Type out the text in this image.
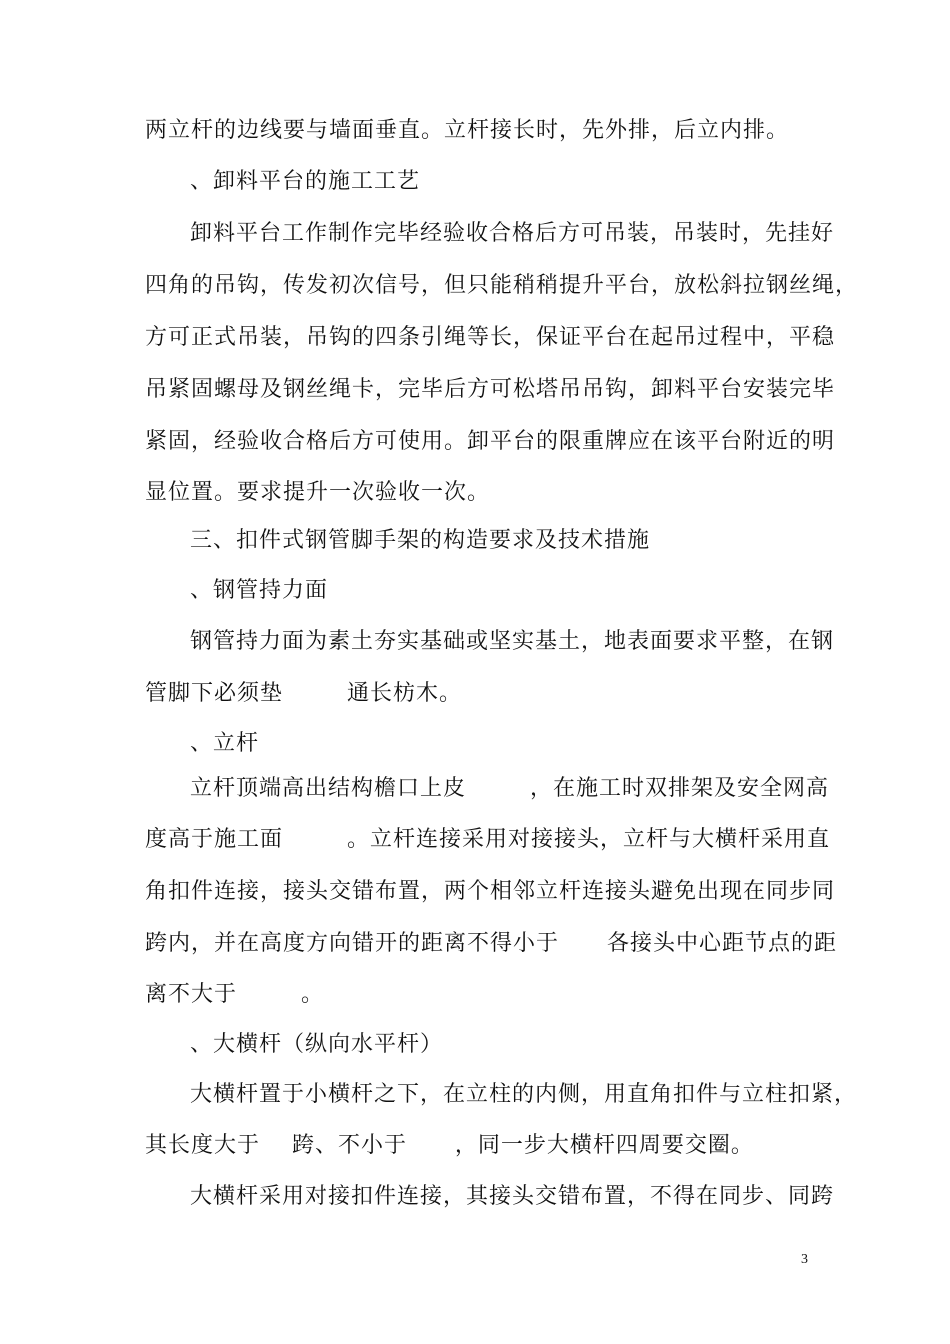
两立杆的边线要与墙面垂直。立杆接长时，先外排，后立内排。
、卸料平台的施工工艺
卸料平台工作制作完毕经验收合格后方可吊装，吊装时，先挂好
四角的吊钩，传发初次信号，但只能稍稍提升平台，放松斜拉钢丝绳，
方可正式吊装，吊钩的四条引绳等长，保证平台在起吊过程中，平稳
吊紧固螺母及钢丝绳卡，完毕后方可松塔吊吊钩，卸料平台安装完毕
紧固，经验收合格后方可使用。卸平台的限重牌应在该平台附近的明
显位置。要求提升一次验收一次。
三、扣件式钢管脚手架的构造要求及技术措施
、钢管持力面
钢管持力面为素土夯实基础或坚实基土，地表面要求平整，在钢
管脚下必须垫        通长枋木。
、立杆
立杆顶端高出结构檐口上皮        ，在施工时双排架及安全网高
度高于施工面        。立杆连接采用对接接头，立杆与大横杆采用直
角扣件连接，接头交错布置，两个相邻立杆连接头避免出现在同步同
跨内，并在高度方向错开的距离不得小于      各接头中心距节点的距
离不大于        。
、大横杆（纵向水平杆）
大横杆置于小横杆之下，在立柱的内侧，用直角扣件与立柱扣紧，
其长度大于    跨、不小于      ，同一步大横杆四周要交圈。
大横杆采用对接扣件连接，其接头交错布置，不得在同步、同跨
3
